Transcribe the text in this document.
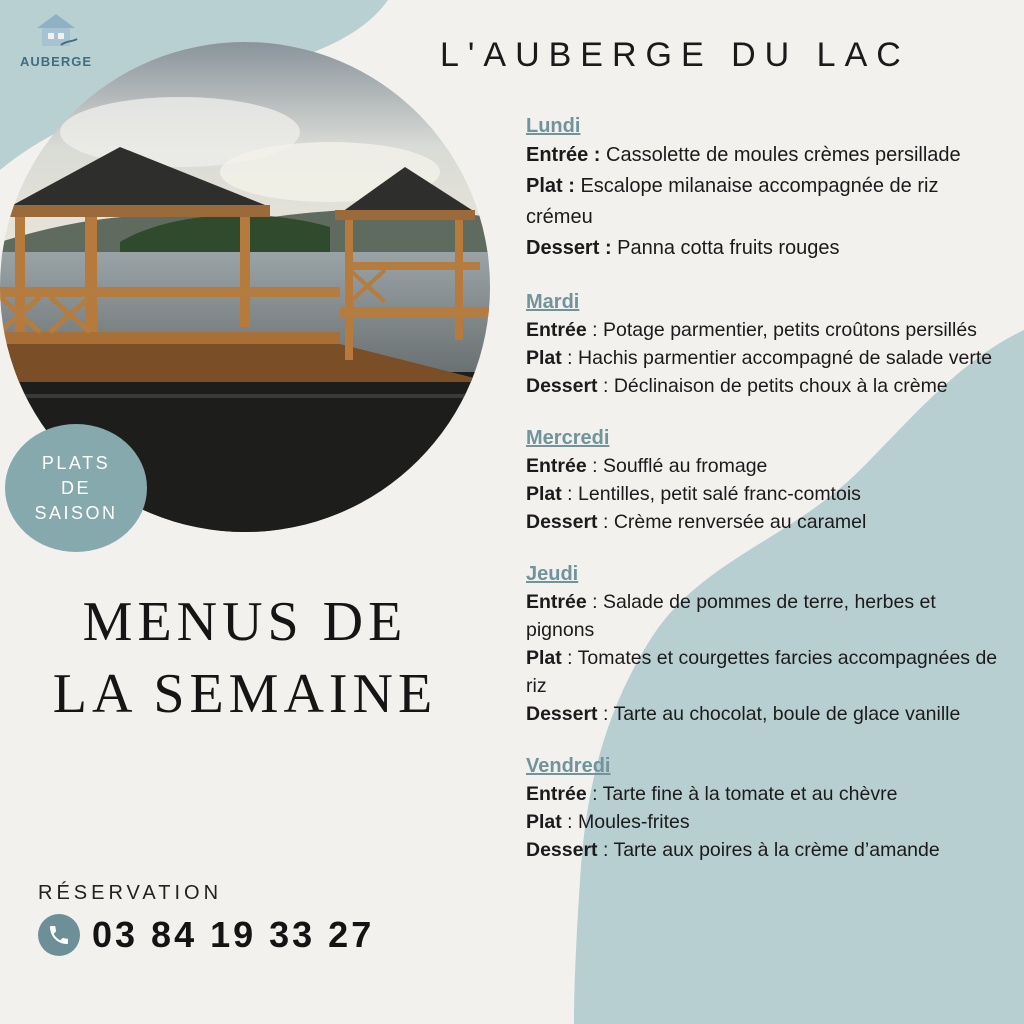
AUBERGE
PLATS
DE
SAISON
MENUS DE
LA SEMAINE
RÉSERVATION
03 84 19 33 27
L'AUBERGE DU LAC
Lundi
Entrée : Cassolette de moules crèmes persillade
Plat : Escalope milanaise accompagnée de riz crémeu
Dessert : Panna cotta fruits rouges
Mardi
Entrée : Potage parmentier, petits croûtons persillés
Plat : Hachis parmentier accompagné de salade verte
Dessert : Déclinaison de petits choux à la crème
Mercredi
Entrée : Soufflé au fromage
Plat : Lentilles, petit salé franc-comtois
Dessert : Crème renversée au caramel
Jeudi
Entrée : Salade de pommes de terre, herbes et pignons
Plat : Tomates et courgettes farcies accompagnées de riz
Dessert : Tarte au chocolat, boule de glace vanille
Vendredi
Entrée : Tarte fine à la tomate et au chèvre
Plat : Moules-frites
Dessert : Tarte aux poires à la crème d’amande
